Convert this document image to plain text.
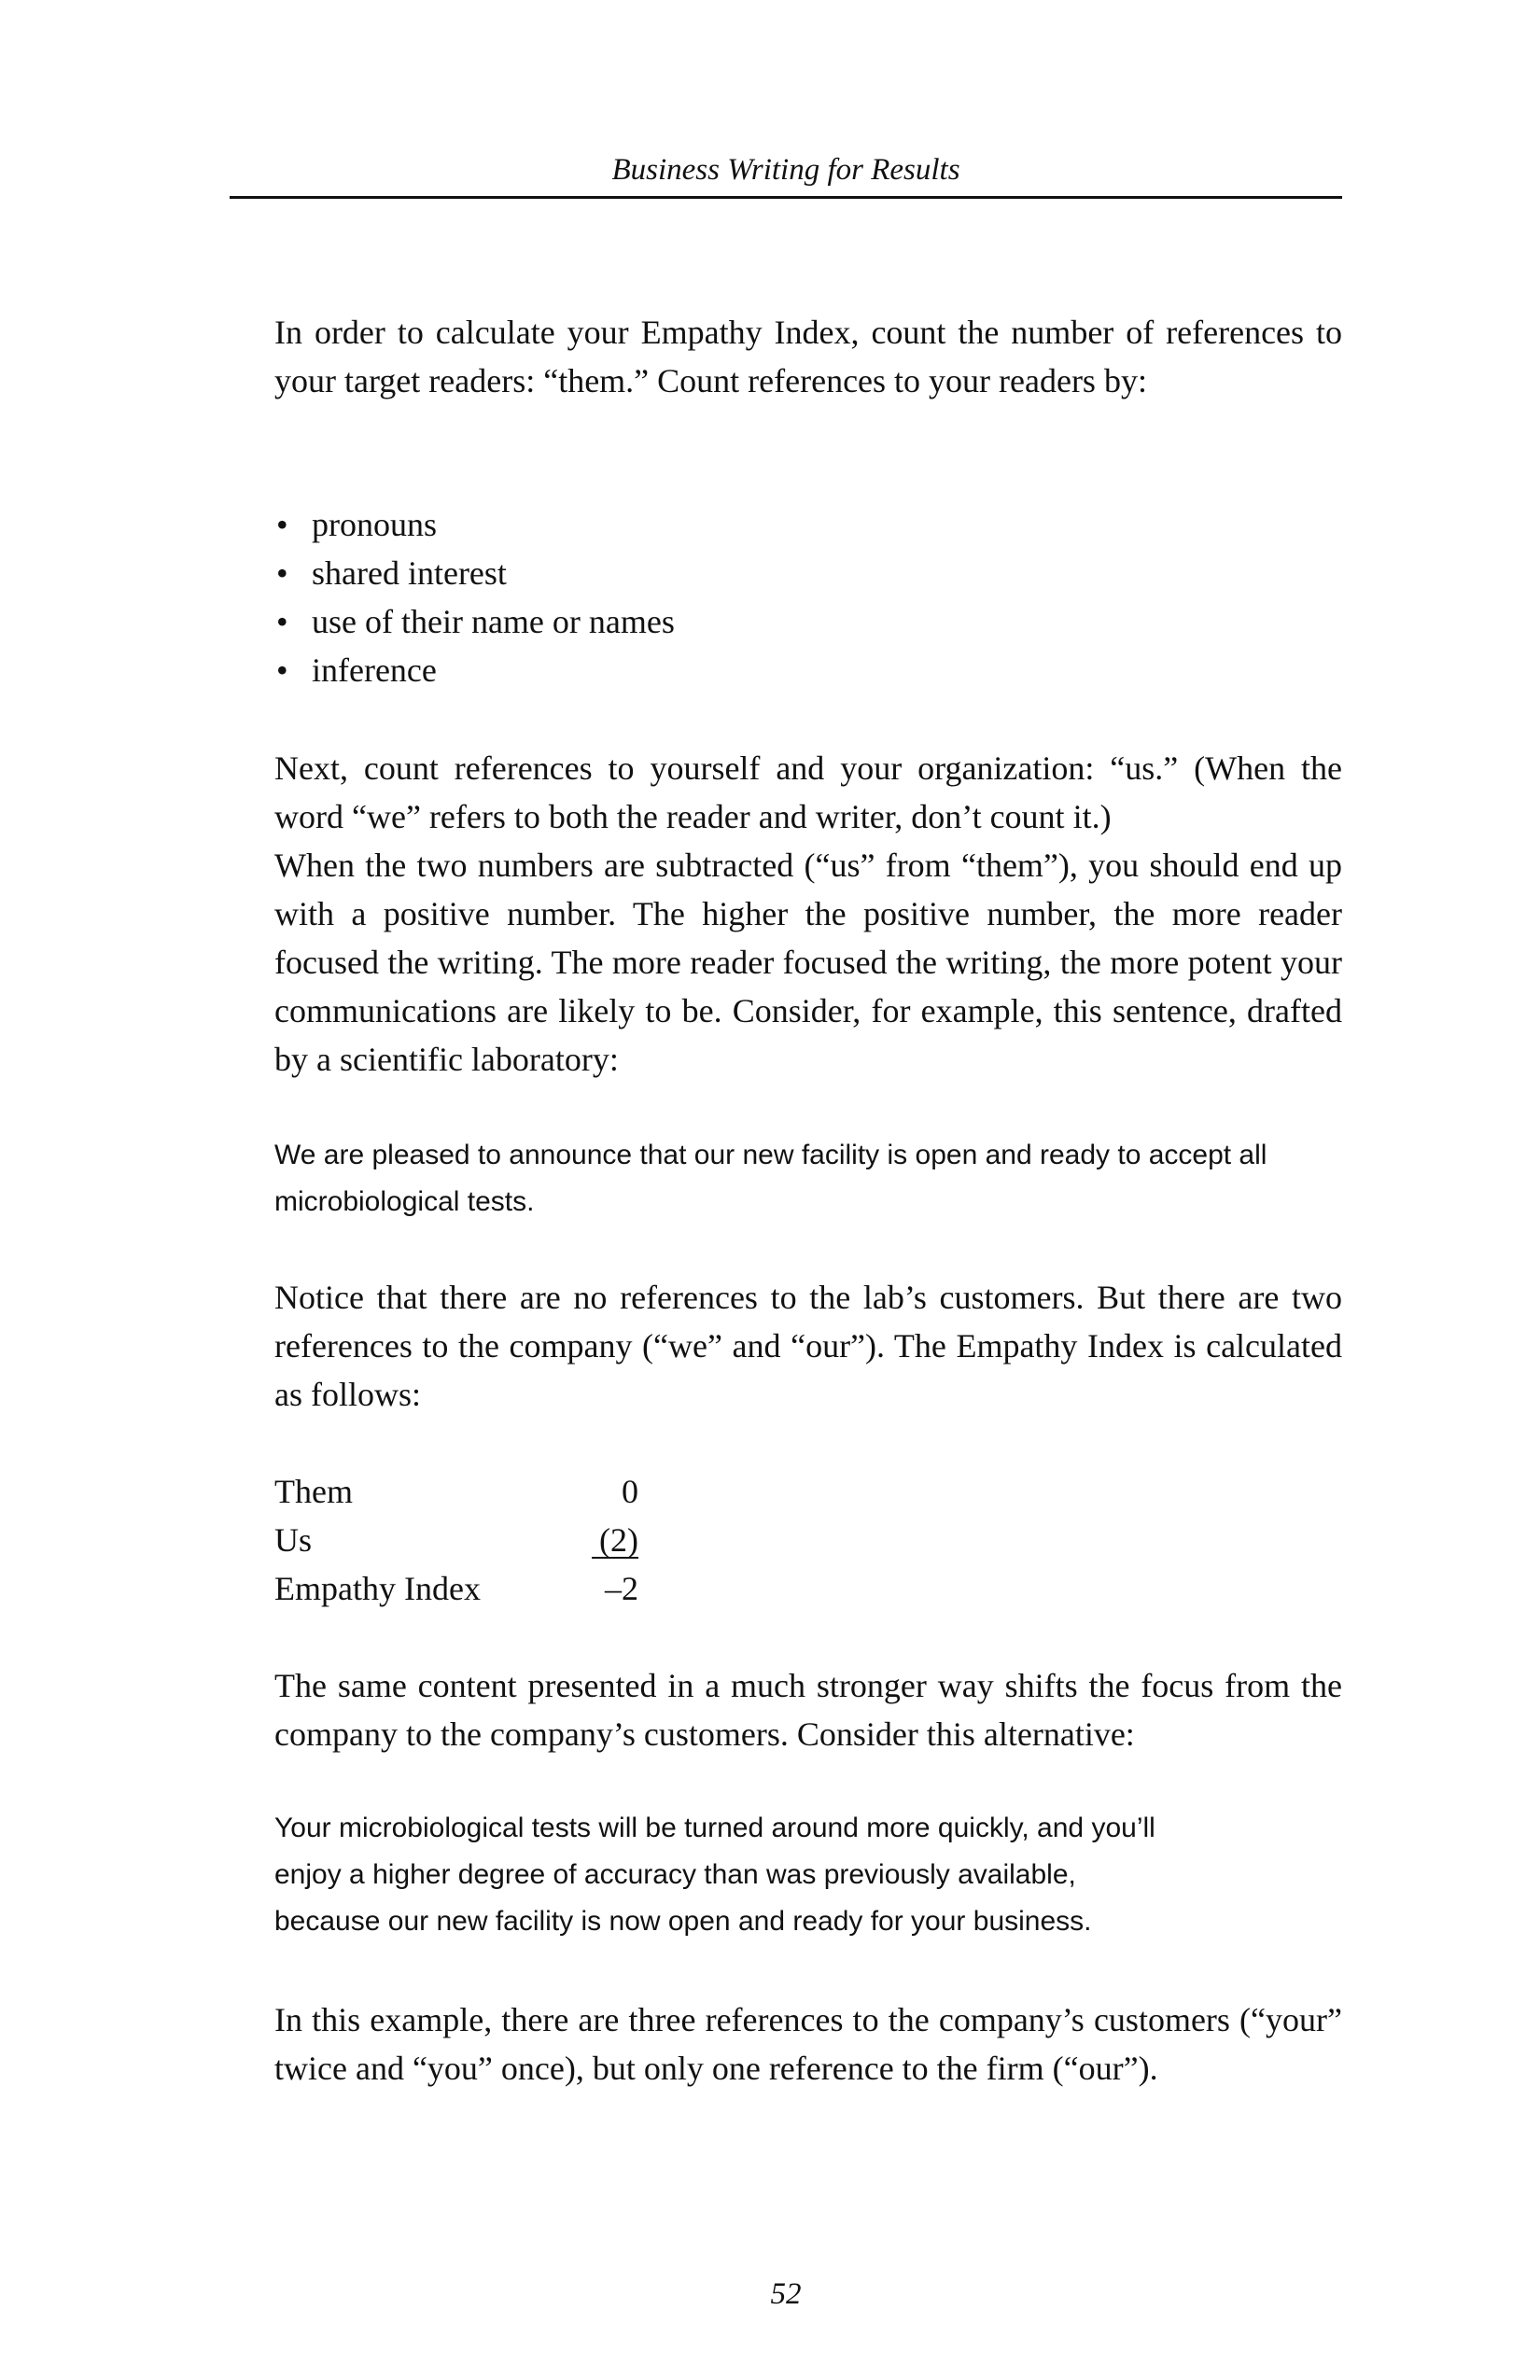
Business Writing for Results

In order to calculate your Empathy Index, count the number of references to your target readers: “them.” Count references to your readers by:

• pronouns
• shared interest
• use of their name or names
• inference

Next, count references to yourself and your organization: “us.” (When the word “we” refers to both the reader and writer, don’t count it.)

When the two numbers are subtracted (“us” from “them”), you should end up with a positive number. The higher the positive number, the more reader focused the writing. The more reader focused the writing, the more potent your communications are likely to be. Consider, for example, this sentence, drafted by a scientific laboratory:

We are pleased to announce that our new facility is open and ready to accept all microbiological tests.

Notice that there are no references to the lab’s customers. But there are two references to the company (“we” and “our”). The Empathy Index is calculated as follows:

Them	0
Us	(2)
Empathy Index	–2

The same content presented in a much stronger way shifts the focus from the company to the company’s customers. Consider this alternative:

Your microbiological tests will be turned around more quickly, and you’ll

enjoy a higher degree of accuracy than was previously available,

because our new facility is now open and ready for your business.

In this example, there are three references to the company’s customers (“your” twice and “you” once), but only one reference to the firm (“our”).

52
